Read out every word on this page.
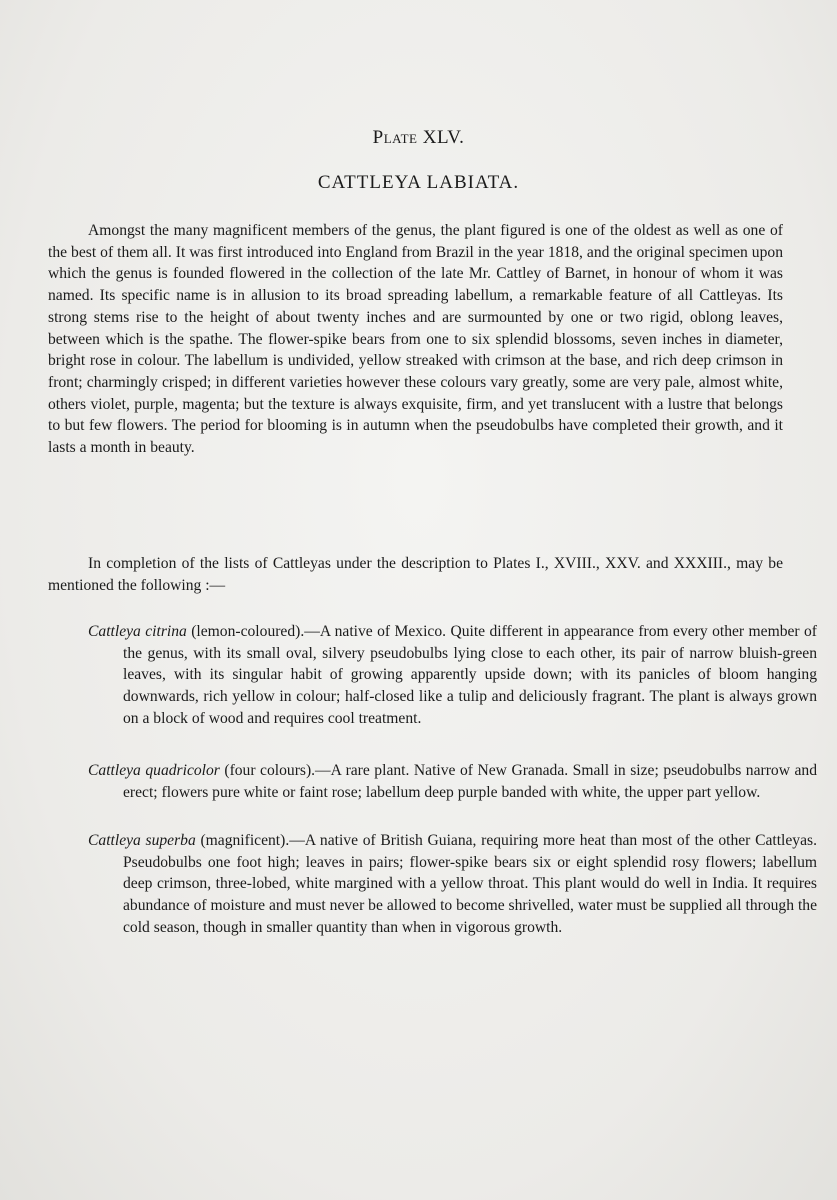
Plate XLV.
CATTLEYA LABIATA.

Amongst the many magnificent members of the genus, the plant figured is one of the oldest as well as one of the best of them all. It was first introduced into England from Brazil in the year 1818, and the original specimen upon which the genus is founded flowered in the collection of the late Mr. Cattley of Barnet, in honour of whom it was named. Its specific name is in allusion to its broad spreading labellum, a remarkable feature of all Cattleyas. Its strong stems rise to the height of about twenty inches and are surmounted by one or two rigid, oblong leaves, between which is the spathe. The flower-spike bears from one to six splendid blossoms, seven inches in diameter, bright rose in colour. The labellum is undivided, yellow streaked with crimson at the base, and rich deep crimson in front; charmingly crisped; in different varieties however these colours vary greatly, some are very pale, almost white, others violet, purple, magenta; but the texture is always exquisite, firm, and yet translucent with a lustre that belongs to but few flowers. The period for blooming is in autumn when the pseudobulbs have completed their growth, and it lasts a month in beauty.

In completion of the lists of Cattleyas under the description to Plates I., XVIII., XXV. and XXXIII., may be mentioned the following :—

Cattleya citrina (lemon-coloured).—A native of Mexico. Quite different in appearance from every other member of the genus, with its small oval, silvery pseudobulbs lying close to each other, its pair of narrow bluish-green leaves, with its singular habit of growing apparently upside down; with its panicles of bloom hanging downwards, rich yellow in colour; half-closed like a tulip and deliciously fragrant. The plant is always grown on a block of wood and requires cool treatment.

Cattleya quadricolor (four colours).—A rare plant. Native of New Granada. Small in size; pseudobulbs narrow and erect; flowers pure white or faint rose; labellum deep purple banded with white, the upper part yellow.

Cattleya superba (magnificent).—A native of British Guiana, requiring more heat than most of the other Cattleyas. Pseudobulbs one foot high; leaves in pairs; flower-spike bears six or eight splendid rosy flowers; labellum deep crimson, three-lobed, white margined with a yellow throat. This plant would do well in India. It requires abundance of moisture and must never be allowed to become shrivelled, water must be supplied all through the cold season, though in smaller quantity than when in vigorous growth.
